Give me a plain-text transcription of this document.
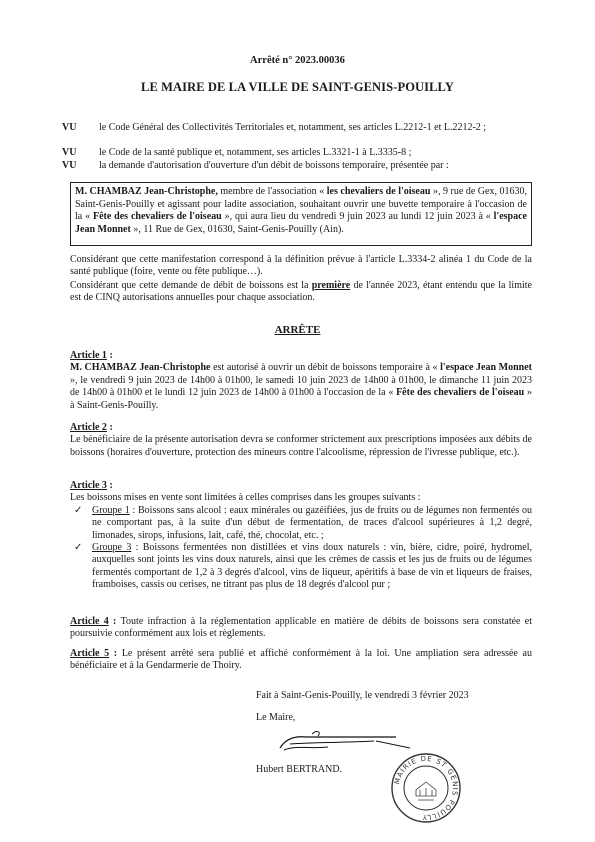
Arrêté n° 2023.00036
LE MAIRE DE LA VILLE DE SAINT-GENIS-POUILLY
VU le Code Général des Collectivités Territoriales et, notamment, ses articles L.2212-1 et L.2212-2 ;
VU le Code de la santé publique et, notamment, ses articles L.3321-1 à L.3335-8 ;
VU la demande d'autorisation d'ouverture d'un débit de boissons temporaire, présentée par :
M. CHAMBAZ Jean-Christophe, membre de l'association « les chevaliers de l'oiseau », 9 rue de Gex, 01630, Saint-Genis-Pouilly et agissant pour ladite association, souhaitant ouvrir une buvette temporaire à l'occasion de la « Fête des chevaliers de l'oiseau », qui aura lieu du vendredi 9 juin 2023 au lundi 12 juin 2023 à « l'espace Jean Monnet », 11 Rue de Gex, 01630, Saint-Genis-Pouilly (Ain).
Considérant que cette manifestation correspond à la définition prévue à l'article L.3334-2 alinéa 1 du Code de la santé publique (foire, vente ou fête publique…).
Considérant que cette demande de débit de boissons est la première de l'année 2023, étant entendu que la limite est de CINQ autorisations annuelles pour chaque association.
ARRÊTE
Article 1 :
M. CHAMBAZ Jean-Christophe est autorisé à ouvrir un débit de boissons temporaire à « l'espace Jean Monnet », le vendredi 9 juin 2023 de 14h00 à 01h00, le samedi 10 juin 2023 de 14h00 à 01h00, le dimanche 11 juin 2023 de 14h00 à 01h00 et le lundi 12 juin 2023 de 14h00 à 01h00 à l'occasion de la « Fête des chevaliers de l'oiseau » à Saint-Genis-Pouilly.
Article 2 :
Le bénéficiaire de la présente autorisation devra se conformer strictement aux prescriptions imposées aux débits de boissons (horaires d'ouverture, protection des mineurs contre l'alcoolisme, répression de l'ivresse publique, etc.).
Article 3 :
Les boissons mises en vente sont limitées à celles comprises dans les groupes suivants :
✓ Groupe 1 : Boissons sans alcool : eaux minérales ou gazéifiées, jus de fruits ou de légumes non fermentés ou ne comportant pas, à la suite d'un début de fermentation, de traces d'alcool supérieures à 1,2 degré, limonades, sirops, infusions, lait, café, thé, chocolat, etc. ;
✓ Groupe 3 : Boissons fermentées non distillées et vins doux naturels : vin, bière, cidre, poiré, hydromel, auxquelles sont joints les vins doux naturels, ainsi que les crèmes de cassis et les jus de fruits ou de légumes fermentés comportant de 1,2 à 3 degrés d'alcool, vins de liqueur, apéritifs à base de vin et liqueurs de fraises, framboises, cassis ou cerises, ne titrant pas plus de 18 degrés d'alcool pur ;
Article 4 : Toute infraction à la réglementation applicable en matière de débits de boissons sera constatée et poursuivie conformément aux lois et règlements.
Article 5 : Le présent arrêté sera publié et affiché conformément à la loi. Une ampliation sera adressée au bénéficiaire et à la Gendarmerie de Thoiry.
Fait à Saint-Genis-Pouilly, le vendredi 3 février 2023
Le Maire,
Hubert BERTRAND.
MAIRIE DE ST GENIS POUILLY
